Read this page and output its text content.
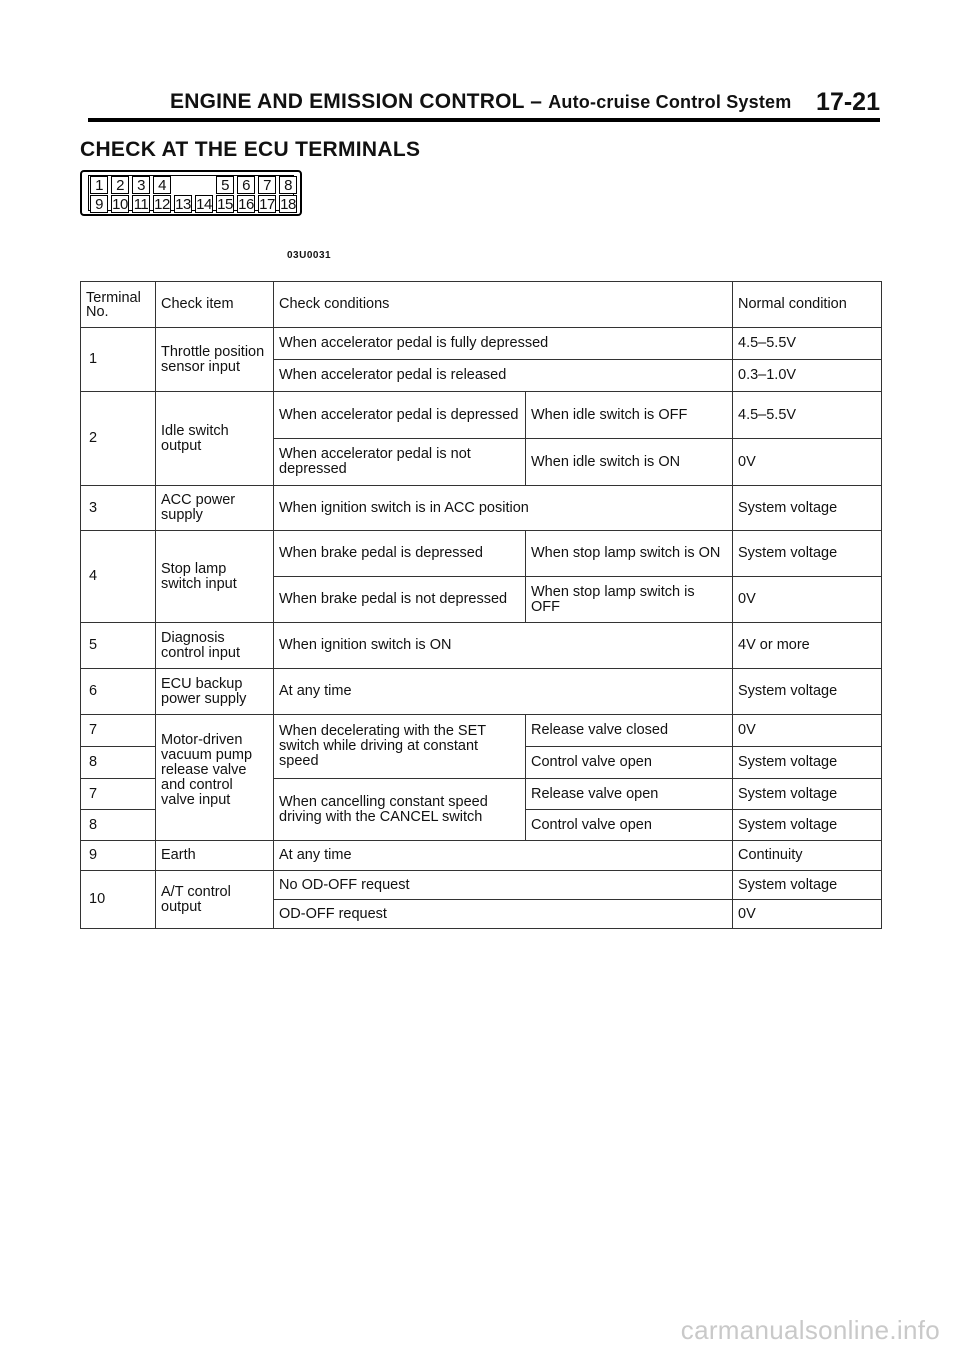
ENGINE AND EMISSION CONTROL – Auto-cruise Control System 17-21
CHECK AT THE ECU TERMINALS
1 2 3 4	5 6 7 8
9 10 11 12 13 14 15 16 17 18
03U0031
Terminal No.	Check item	Check conditions		Normal condition
1	Throttle position sensor input	When accelerator pedal is fully depressed		4.5–5.5V
		When accelerator pedal is released		0.3–1.0V
2	Idle switch output	When accelerator pedal is depressed	When idle switch is OFF	4.5–5.5V
		When accelerator pedal is not depressed	When idle switch is ON	0V
3	ACC power supply	When ignition switch is in ACC position		System voltage
4	Stop lamp switch input	When brake pedal is depressed	When stop lamp switch is ON	System voltage
		When brake pedal is not depressed	When stop lamp switch is OFF	0V
5	Diagnosis control input	When ignition switch is ON		4V or more
6	ECU backup power supply	At any time		System voltage
7	Motor-driven vacuum pump release valve and control valve input	When decelerating with the SET switch while driving at constant speed	Release valve closed	0V
8			Control valve open	System voltage
7		When cancelling constant speed driving with the CANCEL switch	Release valve open	System voltage
8			Control valve open	System voltage
9	Earth	At any time		Continuity
10	A/T control output	No OD-OFF request		System voltage
		OD-OFF request		0V
carmanualsonline.info
